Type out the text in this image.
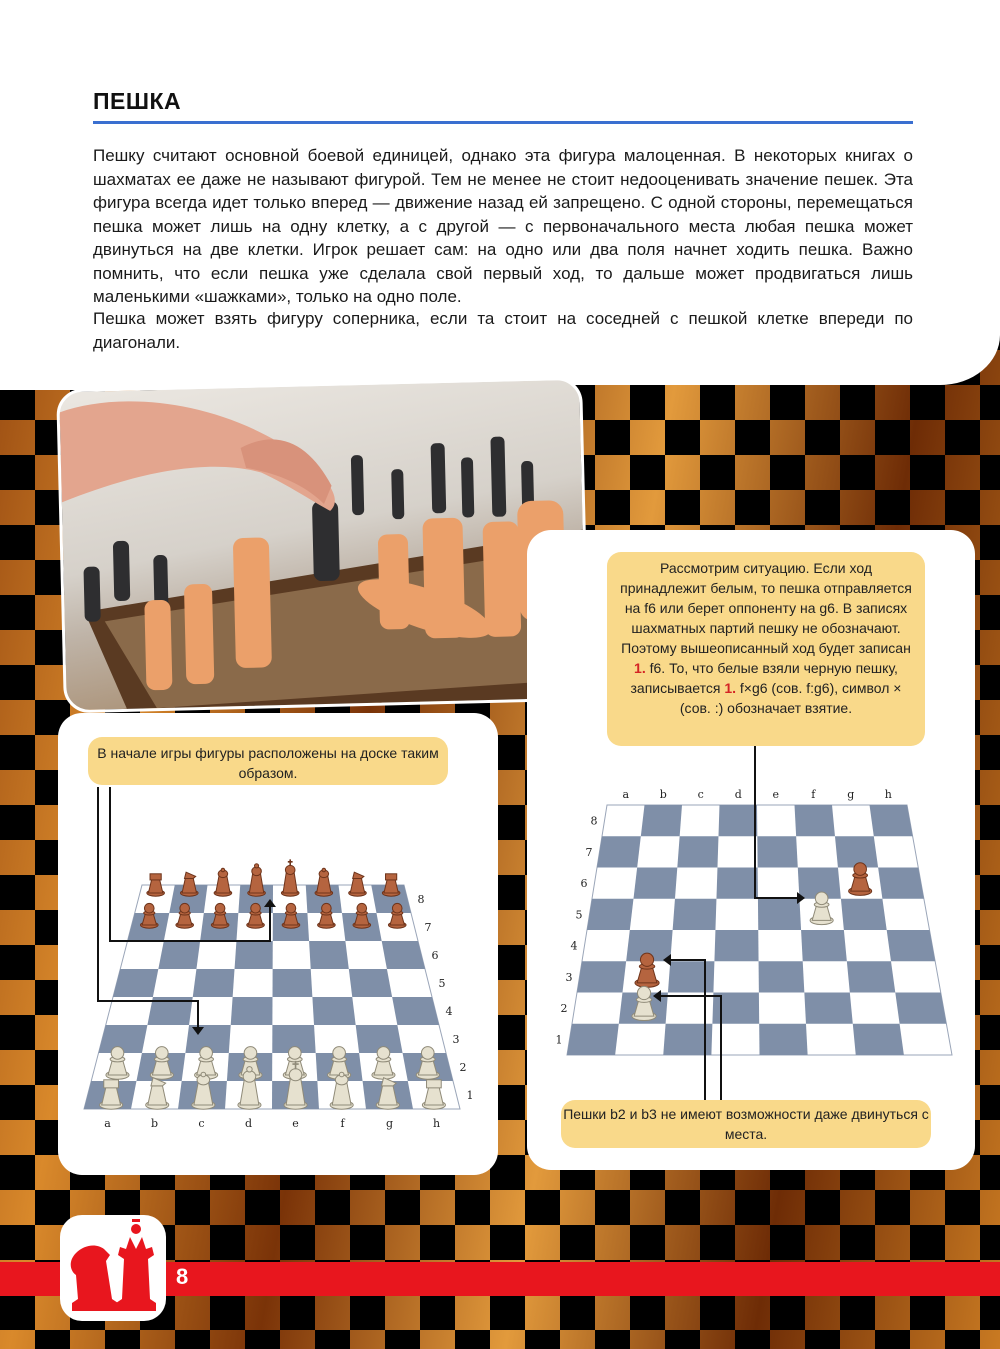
ПЕШКА

Пешку считают основной боевой единицей, однако эта фигура малоценная. В некоторых книгах о шахматах ее даже не называют фигурой. Тем не менее не стоит недооценивать значение пешек. Эта фигура всегда идет только вперед — движение назад ей запрещено. С одной стороны, перемещаться пешка может лишь на одну клетку, а с другой — с первоначального места любая пешка может двинуться на две клетки. Игрок решает сам: на одно или два поля начнет ходить пешка. Важно помнить, что если пешка уже сделала свой первый ход, то дальше может продвигаться лишь маленькими «шажками», только на одно поле.

Пешка может взять фигуру соперника, если та стоит на соседней с пешкой клетке впереди по диагонали.

В начале игры фигуры расположены на доске таким образом.
a	b	c	d	e	f	g	h
1
2
3
4
5
6
7
8
Рассмотрим ситуацию. Если ход принадлежит белым, то пешка отправляется на f6 или берет оппоненту на g6. В записях шахматных партий пешку не обозначают. Поэтому вышеописанный ход будет записан
1. f6. То, что белые взяли черную пешку, записывается 1. f×g6 (сов. f:g6), символ × (сов. :) обозначает взятие.
Пешки b2 и b3 не имеют возможности даже двинуться с места.
a	b	c	d	e	f	g	h
1
2
3
4
5
6
7
8
8
